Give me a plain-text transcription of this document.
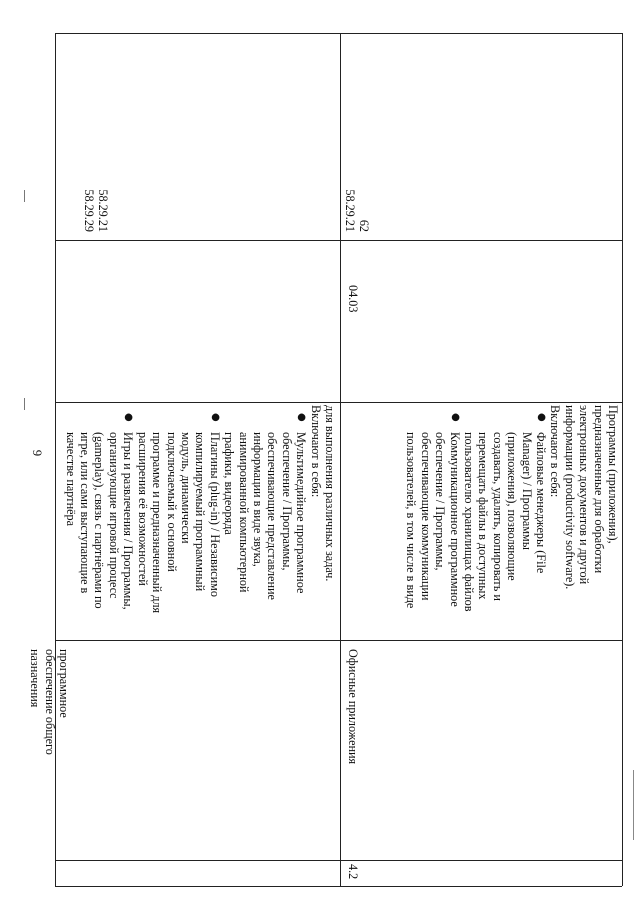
9
программное
обеспечение общего
назначения
для выполнения различных задач.
Включают в себя:
●
Мультимедийное программное
обеспечение / Программы,
обеспечивающие представление
информации в виде звука,
анимированной компьютерной
графики, видеоряда
●
Плагины (plug-in) / Независимо
компилируемый программный
модуль, динамически
подключаемый к основной
программе и предназначенный для
расширения её возможностей
●
Игры и развлечения / Программы,
организующие игровой процесс
(gameplay), связь с партнёрами по
игре, или сами выступающие в
качестве партнёра
58.29.21
58.29.29
4.2
Офисные приложения
Программы (приложения),
предназначенные для обработки
электронных документов и другой
информации (productivity software).
Включают в себя:
●
Файловые менеджеры (File
Manager) / Программы
(приложения), позволяющие
создавать, удалять, копировать и
перемещать файлы в доступных
пользователю хранилищах файлов
●
Коммуникационное программное
обеспечение / Программы,
обеспечивающие коммуникации
пользователей, в том числе в виде
04.03
62
58.29.21
